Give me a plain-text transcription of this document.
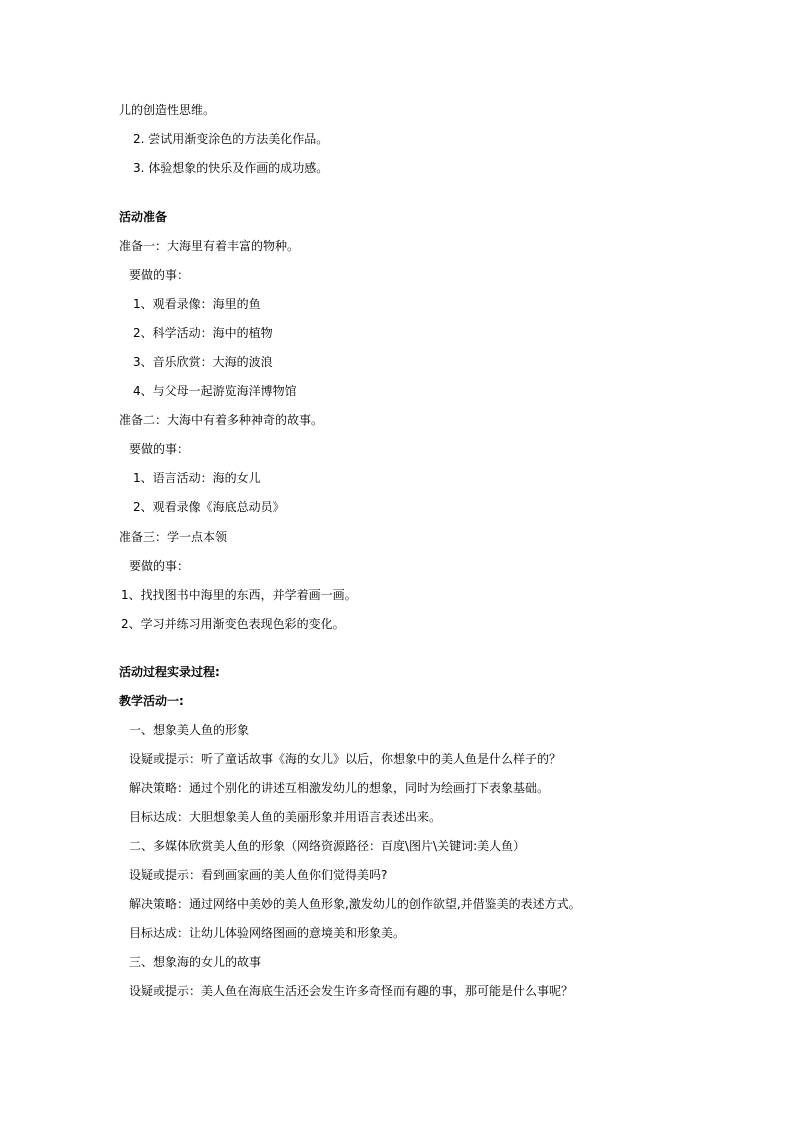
儿的创造性思维。
2. 尝试用渐变涂色的方法美化作品。
3. 体验想象的快乐及作画的成功感。
活动准备
准备一：大海里有着丰富的物种。
要做的事：
1、观看录像：海里的鱼
2、科学活动：海中的植物
3、音乐欣赏：大海的波浪
4、与父母一起游览海洋博物馆
准备二：大海中有着多种神奇的故事。
要做的事：
1、语言活动：海的女儿
2、观看录像《海底总动员》
准备三：学一点本领
要做的事：
1、找找图书中海里的东西，并学着画一画。
2、学习并练习用渐变色表现色彩的变化。
活动过程实录过程:
教学活动一:
一、想象美人鱼的形象
设疑或提示：听了童话故事《海的女儿》以后，你想象中的美人鱼是什么样子的？
解决策略：通过个别化的讲述互相激发幼儿的想象，同时为绘画打下表象基础。
目标达成：大胆想象美人鱼的美丽形象并用语言表述出来。
二、多媒体欣赏美人鱼的形象（网络资源路径：百度\图片\关键词:美人鱼）
设疑或提示：看到画家画的美人鱼你们觉得美吗?
解决策略：通过网络中美妙的美人鱼形象,激发幼儿的创作欲望,并借鉴美的表述方式。
目标达成：让幼儿体验网络图画的意境美和形象美。
三、想象海的女儿的故事
设疑或提示：美人鱼在海底生活还会发生许多奇怪而有趣的事，那可能是什么事呢？
